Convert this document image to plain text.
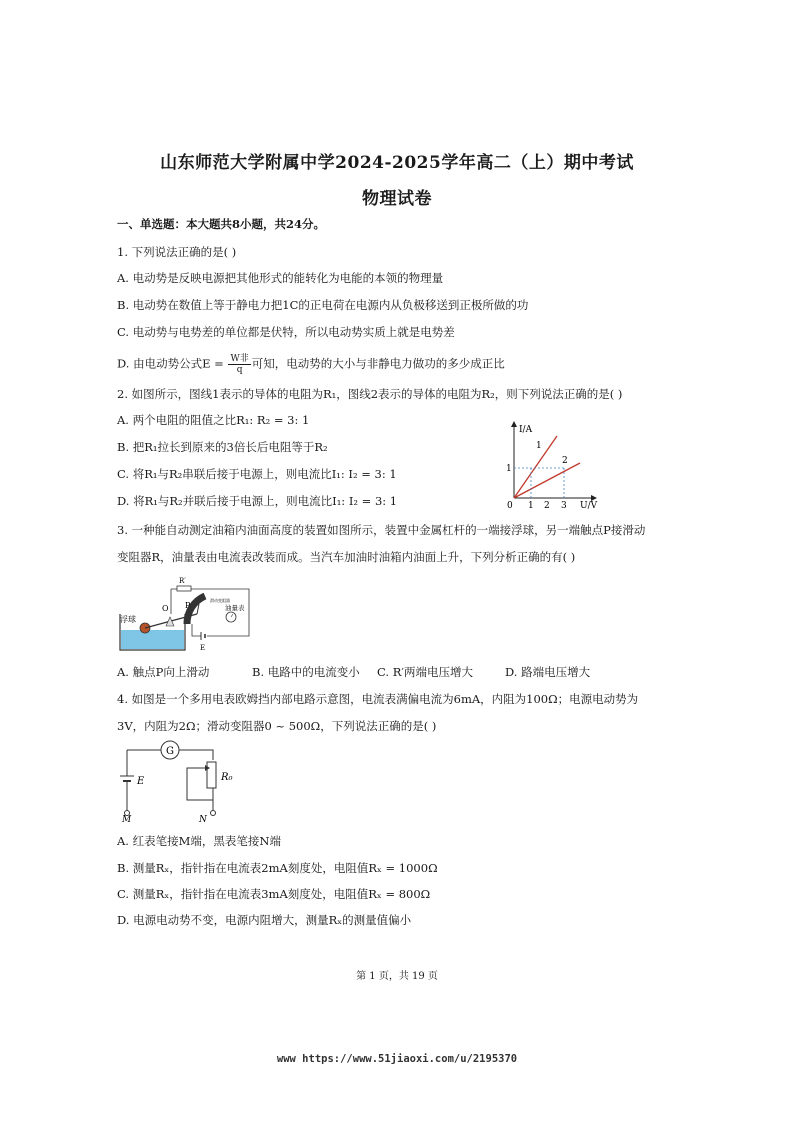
山东师范大学附属中学2024-2025学年高二（上）期中考试
物理试卷
一、单选题：本大题共8小题，共24分。
1. 下列说法正确的是( )
A. 电动势是反映电源把其他形式的能转化为电能的本领的物理量
B. 电动势在数值上等于静电力把1C的正电荷在电源内从负极移送到正极所做的功
C. 电动势与电势差的单位都是伏特，所以电动势实质上就是电势差
D. 由电动势公式$E = \frac{\text{W非}}{q}$ 可知，电动势的大小与非静电力做功的多少成正比
2. 如图所示，图线1表示的导体的电阻为R₁，图线2表示的导体的电阻为R₂，则下列说法正确的是( )
A. 两个电阻的阻值之比R₁: R₂ = 3: 1
B. 把R₁拉长到原来的3倍长后电阻等于R₂
C. 将R₁与R₂串联后接于电源上，则电流比I₁: I₂ = 3: 1
D. 将R₁与R₂并联后接于电源上，则电流比I₁: I₂ = 3: 1
I/A
U/V
0 1 2 3
1
1
2
3. 一种能自动测定油箱内油面高度的装置如图所示，装置中金属杠杆的一端接浮球，另一端触点P接滑动
变阻器R，油量表由电流表改装而成。当汽车加油时油箱内油面上升，下列分析正确的有( )
浮球
R′
O P	油量表
E
滑动变阻器
A. 触点P向上滑动	B. 电路中的电流变小 C. R′两端电压增大	D. 路端电压增大
4. 如图是一个多用电表欧姆挡内部电路示意图，电流表满偏电流为6mA，内阻为100Ω；电源电动势为
3V，内阻为2Ω；滑动变阻器0 ~ 500Ω，下列说法正确的是( )
G
E
M
R₀
N
A. 红表笔接M端，黑表笔接N端
B. 测量Rₓ，指针指在电流表2mA刻度处，电阻值Rₓ = 1000Ω
C. 测量Rₓ，指针指在电流表3mA刻度处，电阻值Rₓ = 800Ω
D. 电源电动势不变，电源内阻增大，测量Rₓ的测量值偏小
第 1 页，共 19 页
www https://www.51jiaoxi.com/u/2195370
